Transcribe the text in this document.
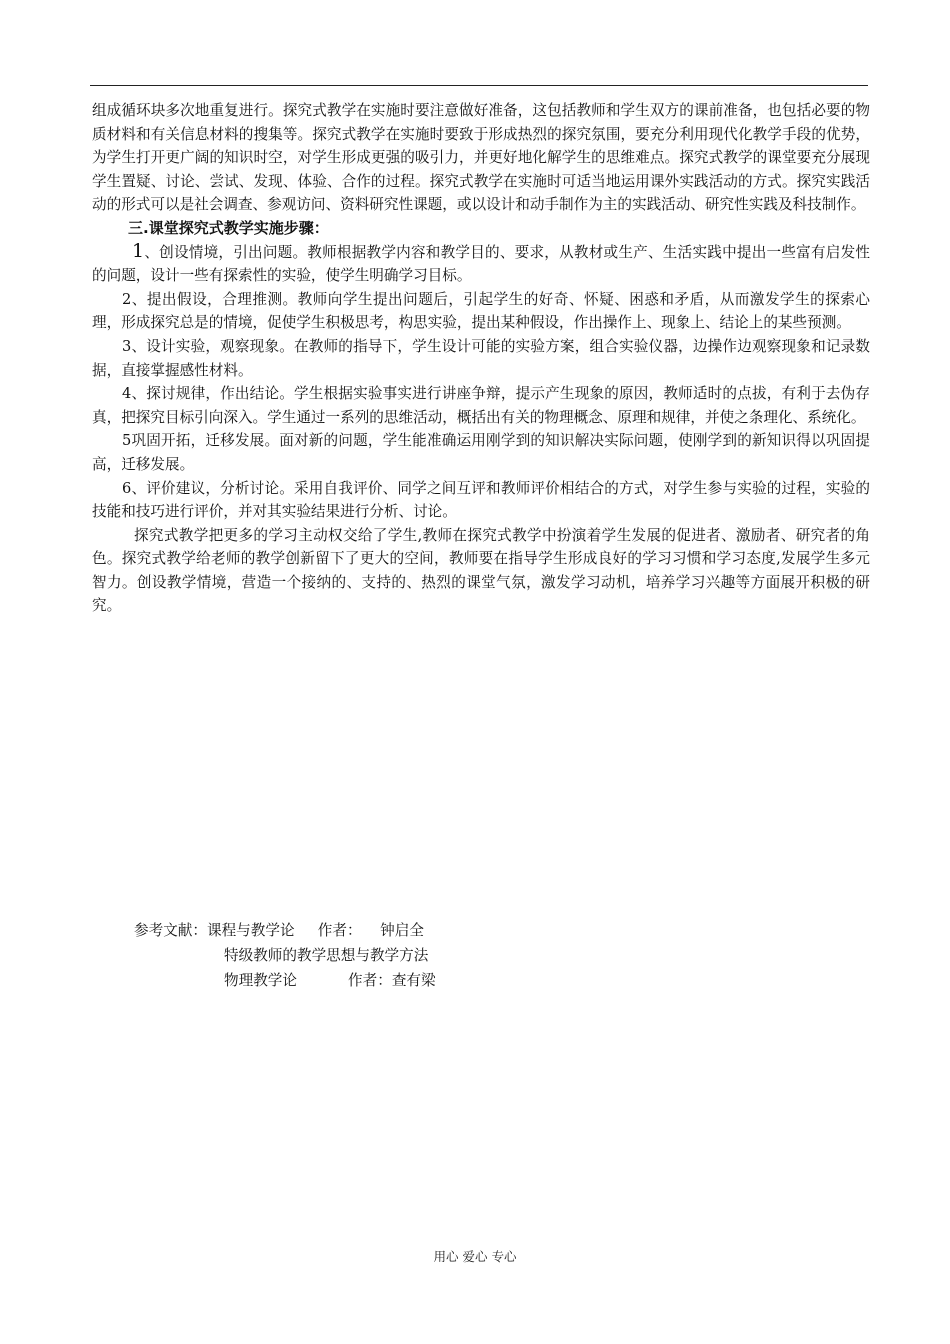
组成循环块多次地重复进行。探究式教学在实施时要注意做好准备，这包括教师和学生双方的课前准备，也包括必要的物质材料和有关信息材料的搜集等。探究式教学在实施时要致于形成热烈的探究氛围，要充分利用现代化教学手段的优势，为学生打开更广阔的知识时空，对学生形成更强的吸引力，并更好地化解学生的思维难点。探究式教学的课堂要充分展现学生置疑、讨论、尝试、发现、体验、合作的过程。探究式教学在实施时可适当地运用课外实践活动的方式。探究实践活动的形式可以是社会调查、参观访问、资料研究性课题，或以设计和动手制作为主的实践活动、研究性实践及科技制作。

三.课堂探究式教学实施步骤：

1、创设情境，引出问题。教师根据教学内容和教学目的、要求，从教材或生产、生活实践中提出一些富有启发性的问题，设计一些有探索性的实验，使学生明确学习目标。

2、提出假设，合理推测。教师向学生提出问题后，引起学生的好奇、怀疑、困惑和矛盾，从而激发学生的探索心理，形成探究总是的情境，促使学生积极思考，构思实验，提出某种假设，作出操作上、现象上、结论上的某些预测。

3、设计实验，观察现象。在教师的指导下，学生设计可能的实验方案，组合实验仪器，边操作边观察现象和记录数据，直接掌握感性材料。

4、探讨规律，作出结论。学生根据实验事实进行讲座争辩，提示产生现象的原因，教师适时的点拔，有利于去伪存真，把探究目标引向深入。学生通过一系列的思维活动，概括出有关的物理概念、原理和规律，并使之条理化、系统化。

5巩固开拓，迁移发展。面对新的问题，学生能准确运用刚学到的知识解决实际问题，使刚学到的新知识得以巩固提高，迁移发展。

6、评价建议，分析讨论。采用自我评价、同学之间互评和教师评价相结合的方式，对学生参与实验的过程，实验的技能和技巧进行评价，并对其实验结果进行分析、讨论。

探究式教学把更多的学习主动权交给了学生,教师在探究式教学中扮演着学生发展的促进者、激励者、研究者的角色。探究式教学给老师的教学创新留下了更大的空间，教师要在指导学生形成良好的学习习惯和学习态度,发展学生多元智力。创设教学情境，营造一个接纳的、支持的、热烈的课堂气氛，激发学习动机，培养学习兴趣等方面展开积极的研究。

参考文献：课程与教学论 作者： 钟启全
特级教师的教学思想与教学方法
物理教学论	作者：查有梁
用心 爱心 专心
